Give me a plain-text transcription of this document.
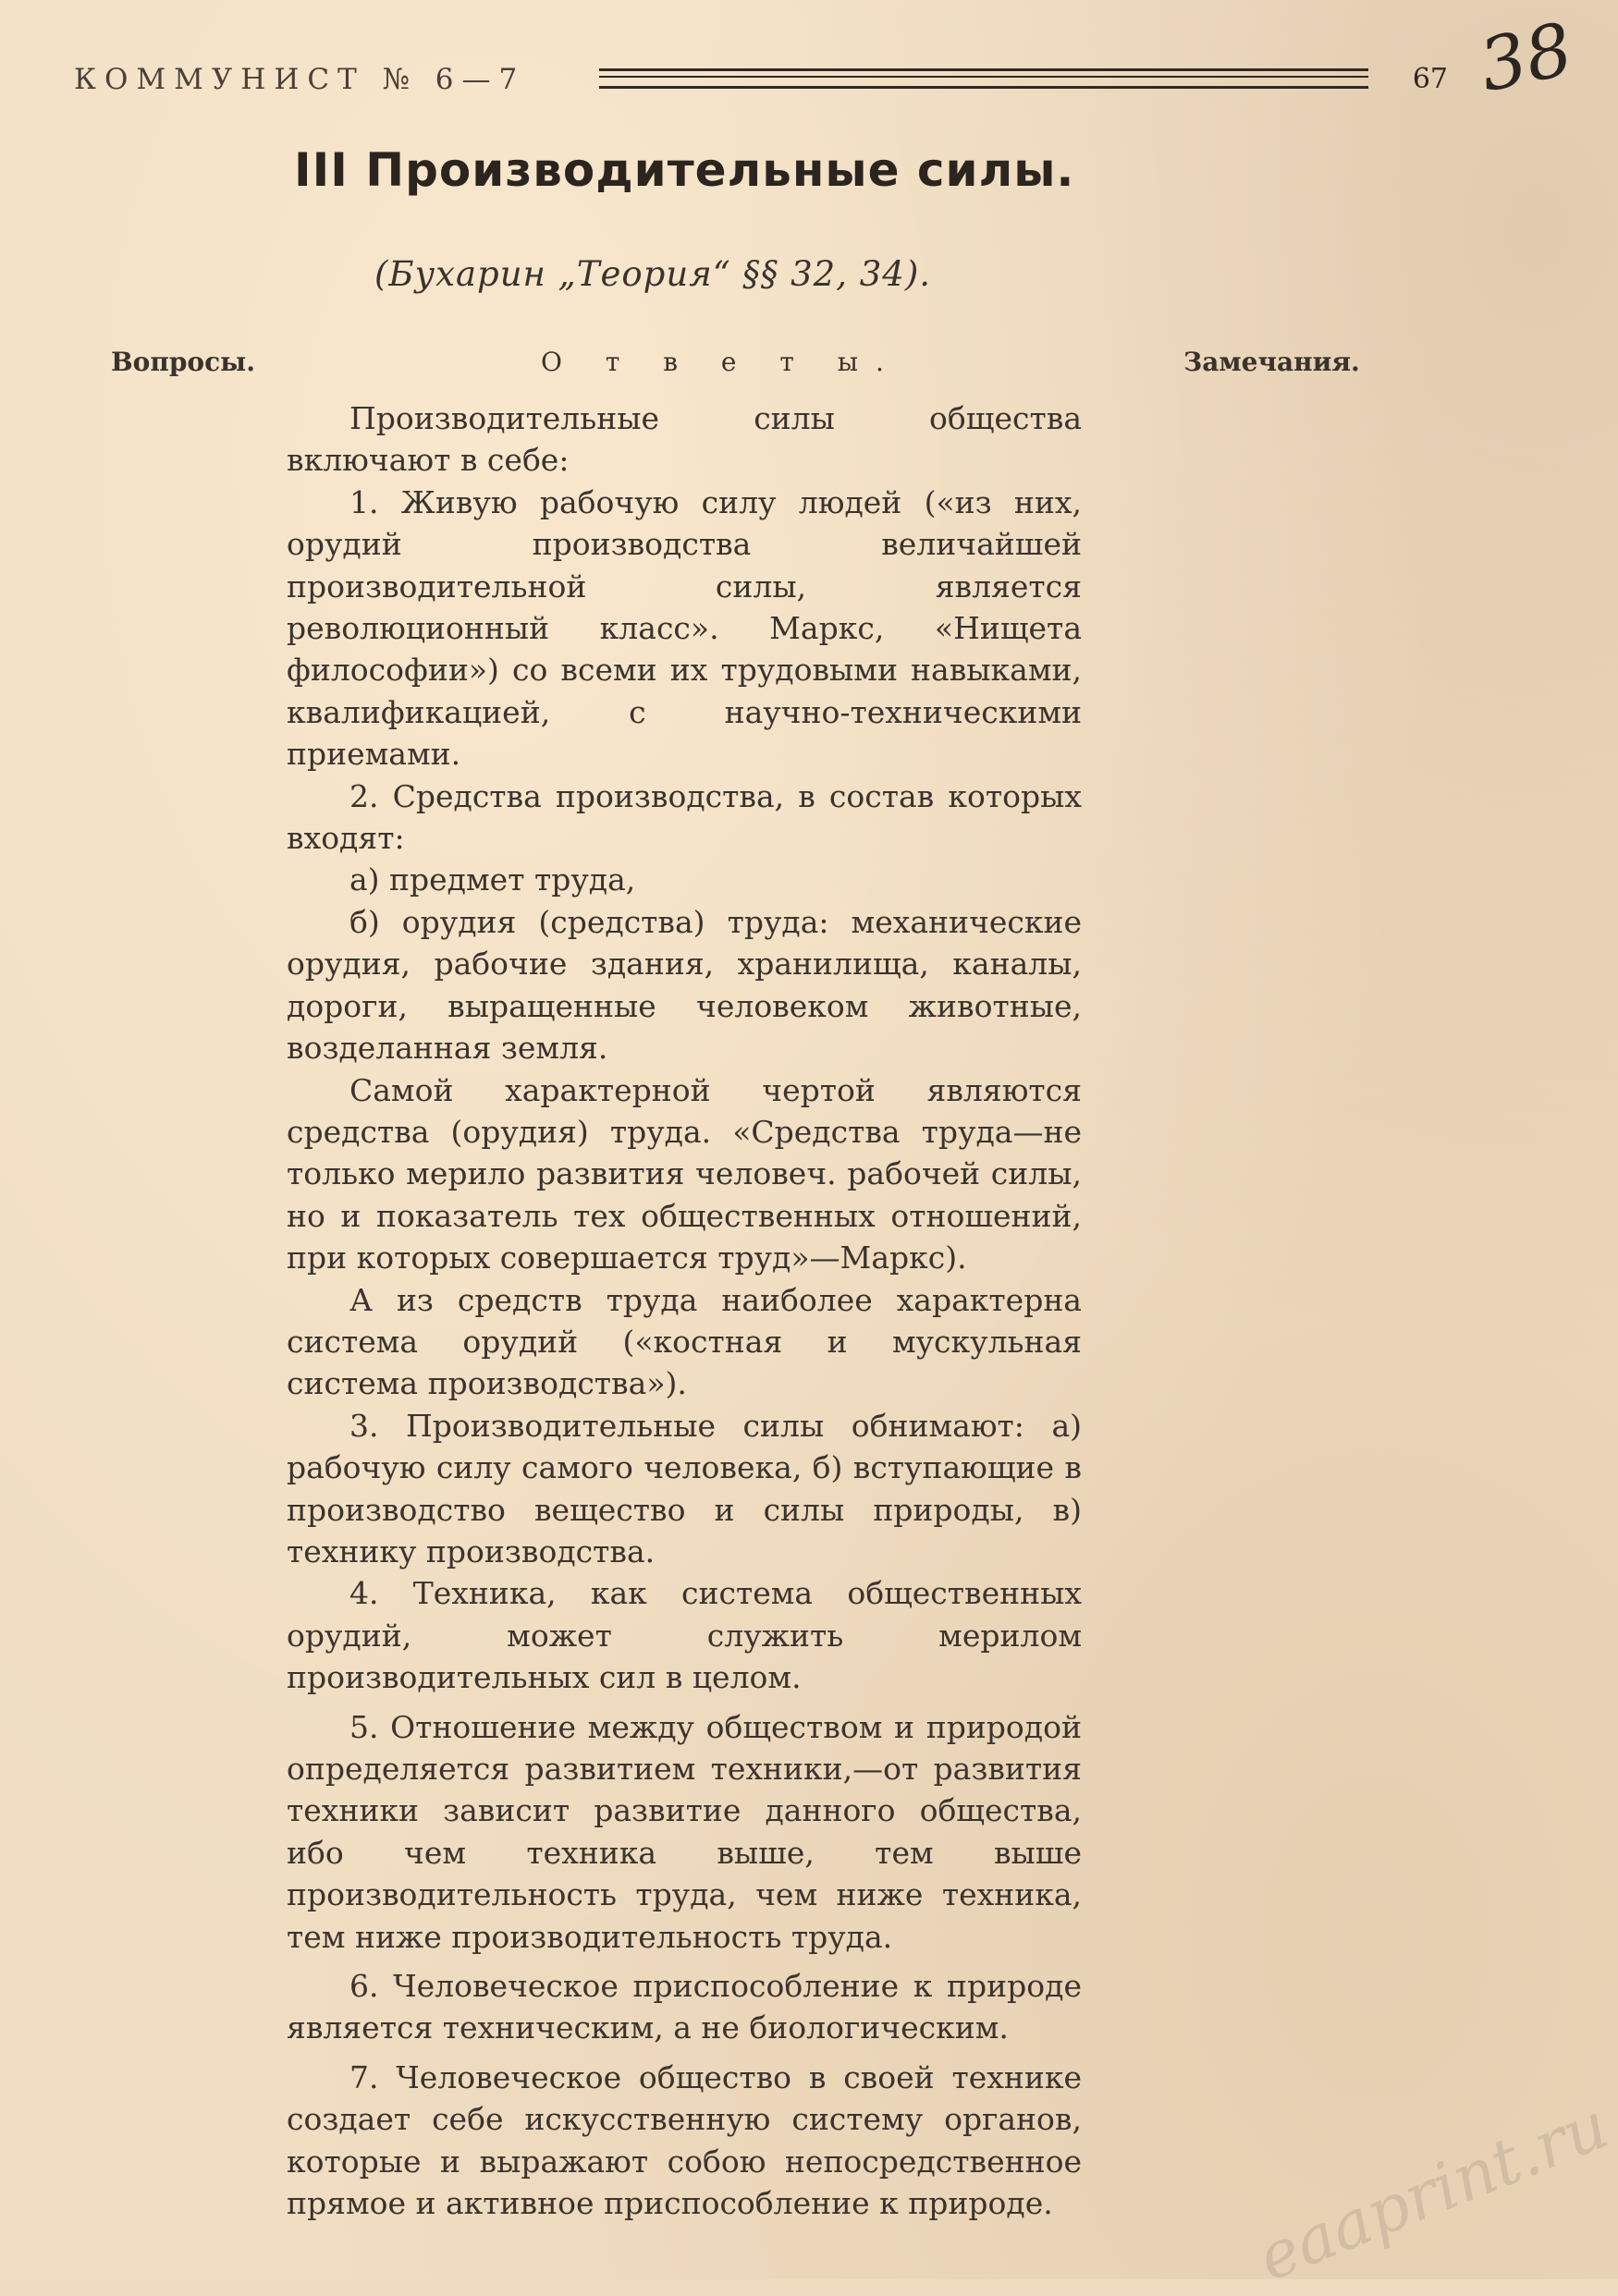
КОММУНИСТ № 6—7	67 38
III Производительные силы.
(Бухарин „Теория“ §§ 32, 34).
Вопросы.	О т в е т ы.	Замечания.

Производительные силы общества включают в себе:

1. Живую рабочую силу людей («из них, орудий производства величайшей производительной силы, является революционный класс». Маркс, «Нищета философии») со всеми их трудовыми навыками, квалификацией, с научно-техническими приемами.

2. Средства производства, в состав которых входят:

а) предмет труда,

б) орудия (средства) труда: механические орудия, рабочие здания, хранилища, каналы, дороги, выращенные человеком животные, возделанная земля.

Самой характерной чертой являются средства (орудия) труда. «Средства труда—не только мерило развития человеч. рабочей силы, но и показатель тех общественных отношений, при которых совершается труд»—Маркс).

А из средств труда наиболее характерна система орудий («костная и мускульная система производства»).

3. Производительные силы обнимают: а) рабочую силу самого человека, б) вступающие в производство вещество и силы природы, в) технику производства.

4. Техника, как система общественных орудий, может служить мерилом производительных сил в целом.

5. Отношение между обществом и природой определяется развитием техники,—от развития техники зависит развитие данного общества, ибо чем техника выше, тем выше производительность труда, чем ниже техника, тем ниже производительность труда.

6. Человеческое приспособление к природе является техническим, а не биологическим.

7. Человеческое общество в своей технике создает себе искусственную систему органов, которые и выражают собою непосредственное прямое и активное приспособление к природе.	eaaprint.ru
